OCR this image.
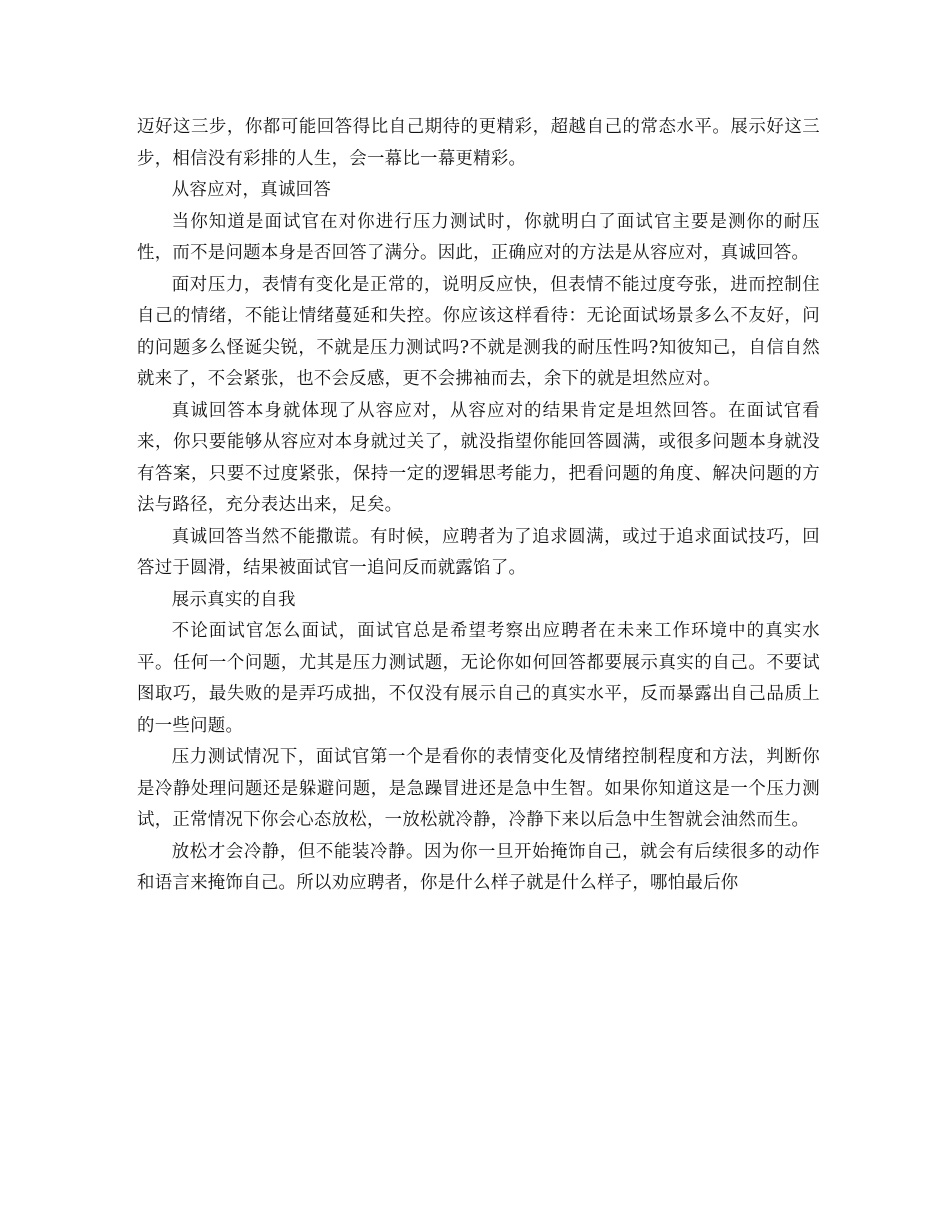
迈好这三步，你都可能回答得比自己期待的更精彩，超越自己的常态水平。展示好这三步，相信没有彩排的人生，会一幕比一幕更精彩。

从容应对，真诚回答

当你知道是面试官在对你进行压力测试时，你就明白了面试官主要是测你的耐压性，而不是问题本身是否回答了满分。因此，正确应对的方法是从容应对，真诚回答。

面对压力，表情有变化是正常的，说明反应快，但表情不能过度夸张，进而控制住自己的情绪，不能让情绪蔓延和失控。你应该这样看待：无论面试场景多么不友好，问的问题多么怪诞尖锐，不就是压力测试吗?不就是测我的耐压性吗?知彼知己，自信自然就来了，不会紧张，也不会反感，更不会拂袖而去，余下的就是坦然应对。

真诚回答本身就体现了从容应对，从容应对的结果肯定是坦然回答。在面试官看来，你只要能够从容应对本身就过关了，就没指望你能回答圆满，或很多问题本身就没有答案，只要不过度紧张，保持一定的逻辑思考能力，把看问题的角度、解决问题的方法与路径，充分表达出来，足矣。

真诚回答当然不能撒谎。有时候，应聘者为了追求圆满，或过于追求面试技巧，回答过于圆滑，结果被面试官一追问反而就露馅了。

展示真实的自我

不论面试官怎么面试，面试官总是希望考察出应聘者在未来工作环境中的真实水平。任何一个问题，尤其是压力测试题，无论你如何回答都要展示真实的自己。不要试图取巧，最失败的是弄巧成拙，不仅没有展示自己的真实水平，反而暴露出自己品质上的一些问题。

压力测试情况下，面试官第一个是看你的表情变化及情绪控制程度和方法，判断你是冷静处理问题还是躲避问题，是急躁冒进还是急中生智。如果你知道这是一个压力测试，正常情况下你会心态放松，一放松就冷静，冷静下来以后急中生智就会油然而生。

放松才会冷静，但不能装冷静。因为你一旦开始掩饰自己，就会有后续很多的动作和语言来掩饰自己。所以劝应聘者，你是什么样子就是什么样子，哪怕最后你
